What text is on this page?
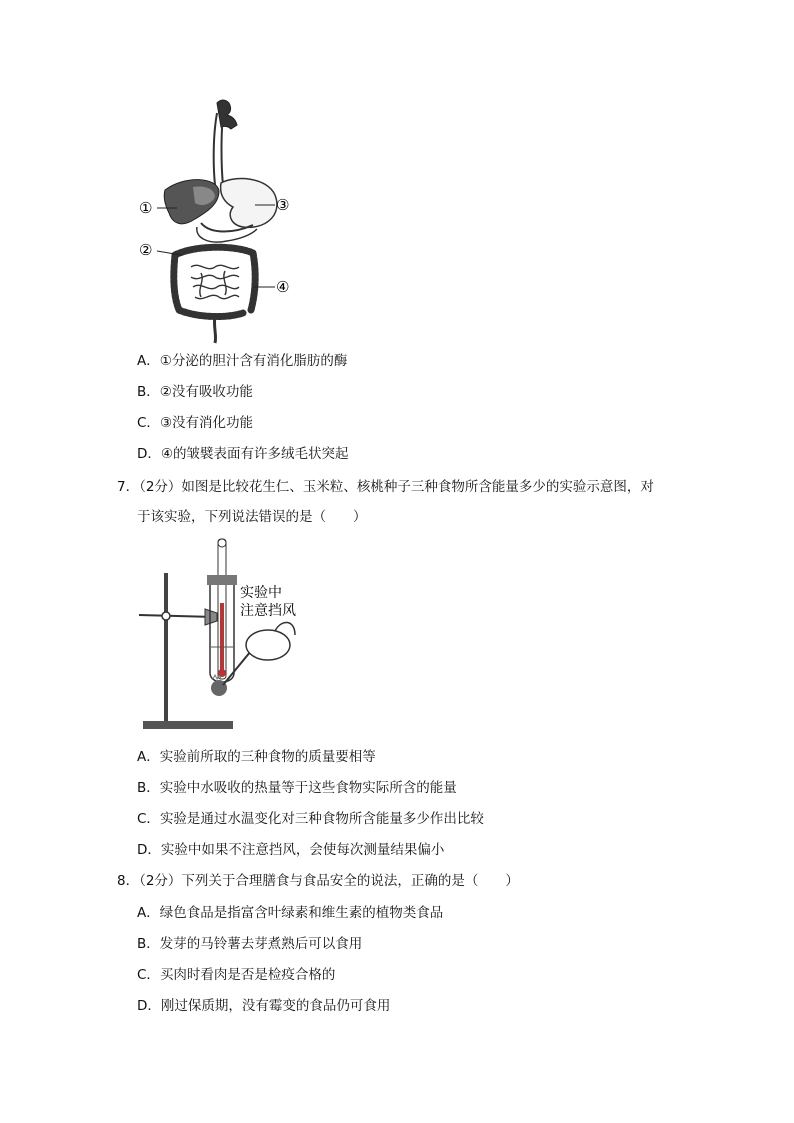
①
②
③
④
A．①分泌的胆汁含有消化脂肪的酶
B．②没有吸收功能
C．③没有消化功能
D．④的皱襞表面有许多绒毛状突起
7．（2分）如图是比较花生仁、玉米粒、核桃种子三种食物所含能量多少的实验示意图，对
于该实验，下列说法错误的是（　　）
实验中
注意挡风
A．实验前所取的三种食物的质量要相等
B．实验中水吸收的热量等于这些食物实际所含的能量
C．实验是通过水温变化对三种食物所含能量多少作出比较
D．实验中如果不注意挡风，会使每次测量结果偏小
8．（2分）下列关于合理膳食与食品安全的说法，正确的是（　　）
A．绿色食品是指富含叶绿素和维生素的植物类食品
B．发芽的马铃薯去芽煮熟后可以食用
C．买肉时看肉是否是检疫合格的
D．刚过保质期，没有霉变的食品仍可食用
